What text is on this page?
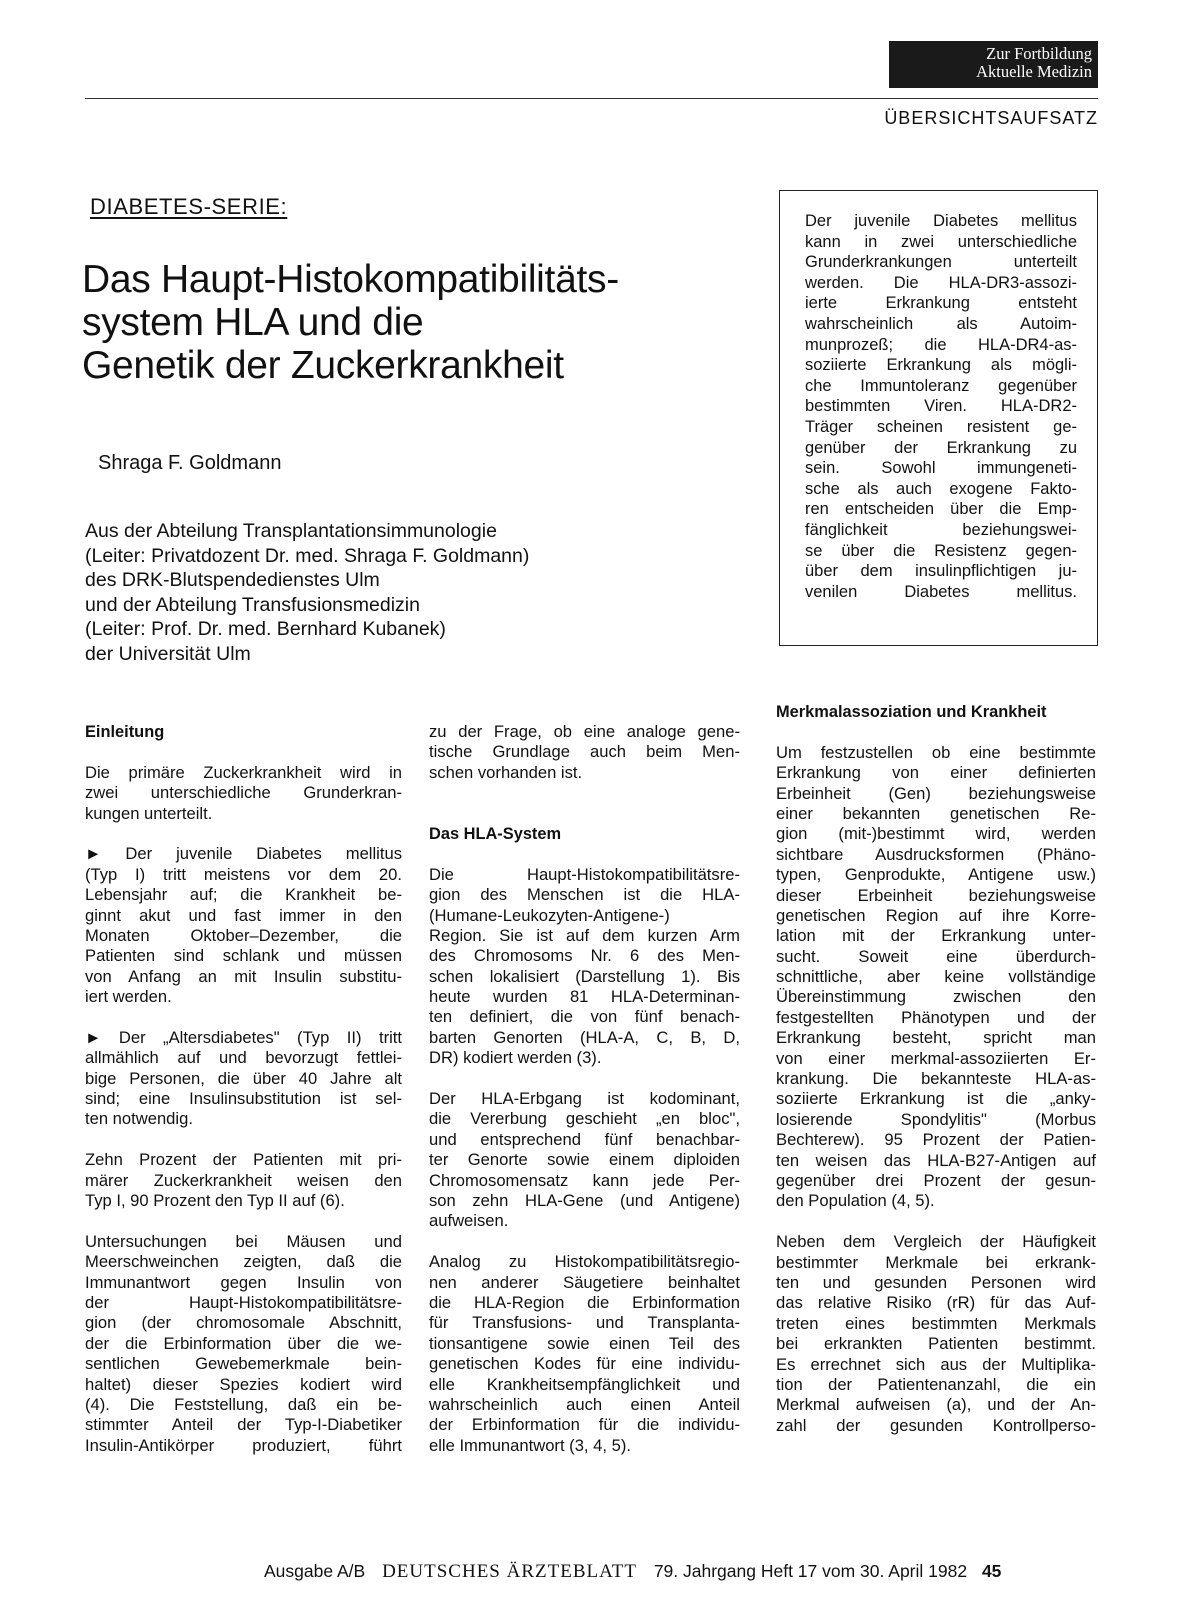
Zur Fortbildung
Aktuelle Medizin
ÜBERSICHTSAUFSATZ
DIABETES-SERIE:
Das Haupt-Histokompatibilitäts-
system HLA und die
Genetik der Zuckerkrankheit
Shraga F. Goldmann
Aus der Abteilung Transplantationsimmunologie
(Leiter: Privatdozent Dr. med. Shraga F. Goldmann)
des DRK-Blutspendedienstes Ulm
und der Abteilung Transfusionsmedizin
(Leiter: Prof. Dr. med. Bernhard Kubanek)
der Universität Ulm
Der juvenile Diabetes mellitus
kann in zwei unterschiedliche
Grunderkrankungen unterteilt
werden. Die HLA-DR3-assozi-
ierte Erkrankung entsteht
wahrscheinlich als Autoim-
munprozeß; die HLA-DR4-as-
soziierte Erkrankung als mögli-
che Immuntoleranz gegenüber
bestimmten Viren. HLA-DR2-
Träger scheinen resistent ge-
genüber der Erkrankung zu
sein. Sowohl immungeneti-
sche als auch exogene Fakto-
ren entscheiden über die Emp-
fänglichkeit beziehungswei-
se über die Resistenz gegen-
über dem insulinpflichtigen ju-
venilen Diabetes mellitus.
Einleitung
Die primäre Zuckerkrankheit wird in
zwei unterschiedliche Grunderkran-
kungen unterteilt.
► Der juvenile Diabetes mellitus
(Typ I) tritt meistens vor dem 20.
Lebensjahr auf; die Krankheit be-
ginnt akut und fast immer in den
Monaten Oktober–Dezember, die
Patienten sind schlank und müssen
von Anfang an mit Insulin substitu-
iert werden.
► Der „Altersdiabetes" (Typ II) tritt
allmählich auf und bevorzugt fettlei-
bige Personen, die über 40 Jahre alt
sind; eine Insulinsubstitution ist sel-
ten notwendig.
Zehn Prozent der Patienten mit pri-
märer Zuckerkrankheit weisen den
Typ I, 90 Prozent den Typ II auf (6).
Untersuchungen bei Mäusen und
Meerschweinchen zeigten, daß die
Immunantwort gegen Insulin von
der Haupt-Histokompatibilitätsre-
gion (der chromosomale Abschnitt,
der die Erbinformation über die we-
sentlichen Gewebemerkmale bein-
haltet) dieser Spezies kodiert wird
(4). Die Feststellung, daß ein be-
stimmter Anteil der Typ-I-Diabetiker
Insulin-Antikörper produziert, führt
zu der Frage, ob eine analoge gene-
tische Grundlage auch beim Men-
schen vorhanden ist.
Das HLA-System
Die Haupt-Histokompatibilitätsre-
gion des Menschen ist die HLA-
(Humane-Leukozyten-Antigene-)
Region. Sie ist auf dem kurzen Arm
des Chromosoms Nr. 6 des Men-
schen lokalisiert (Darstellung 1). Bis
heute wurden 81 HLA-Determinan-
ten definiert, die von fünf benach-
barten Genorten (HLA-A, C, B, D,
DR) kodiert werden (3).
Der HLA-Erbgang ist kodominant,
die Vererbung geschieht „en bloc",
und entsprechend fünf benachbar-
ter Genorte sowie einem diploiden
Chromosomensatz kann jede Per-
son zehn HLA-Gene (und Antigene)
aufweisen.
Analog zu Histokompatibilitätsregio-
nen anderer Säugetiere beinhaltet
die HLA-Region die Erbinformation
für Transfusions- und Transplanta-
tionsantigene sowie einen Teil des
genetischen Kodes für eine individu-
elle Krankheitsempfänglichkeit und
wahrscheinlich auch einen Anteil
der Erbinformation für die individu-
elle Immunantwort (3, 4, 5).
Merkmalassoziation und Krankheit
Um festzustellen ob eine bestimmte
Erkrankung von einer definierten
Erbeinheit (Gen) beziehungsweise
einer bekannten genetischen Re-
gion (mit-)bestimmt wird, werden
sichtbare Ausdrucksformen (Phäno-
typen, Genprodukte, Antigene usw.)
dieser Erbeinheit beziehungsweise
genetischen Region auf ihre Korre-
lation mit der Erkrankung unter-
sucht. Soweit eine überdurch-
schnittliche, aber keine vollständige
Übereinstimmung zwischen den
festgestellten Phänotypen und der
Erkrankung besteht, spricht man
von einer merkmal-assoziierten Er-
krankung. Die bekannteste HLA-as-
soziierte Erkrankung ist die „anky-
losierende Spondylitis" (Morbus
Bechterew). 95 Prozent der Patien-
ten weisen das HLA-B27-Antigen auf
gegenüber drei Prozent der gesun-
den Population (4, 5).
Neben dem Vergleich der Häufigkeit
bestimmter Merkmale bei erkrank-
ten und gesunden Personen wird
das relative Risiko (rR) für das Auf-
treten eines bestimmten Merkmals
bei erkrankten Patienten bestimmt.
Es errechnet sich aus der Multiplika-
tion der Patientenanzahl, die ein
Merkmal aufweisen (a), und der An-
zahl der gesunden Kontrollperso-
Ausgabe A/B DEUTSCHES ÄRZTEBLATT 79. Jahrgang Heft 17 vom 30. April 1982 45
